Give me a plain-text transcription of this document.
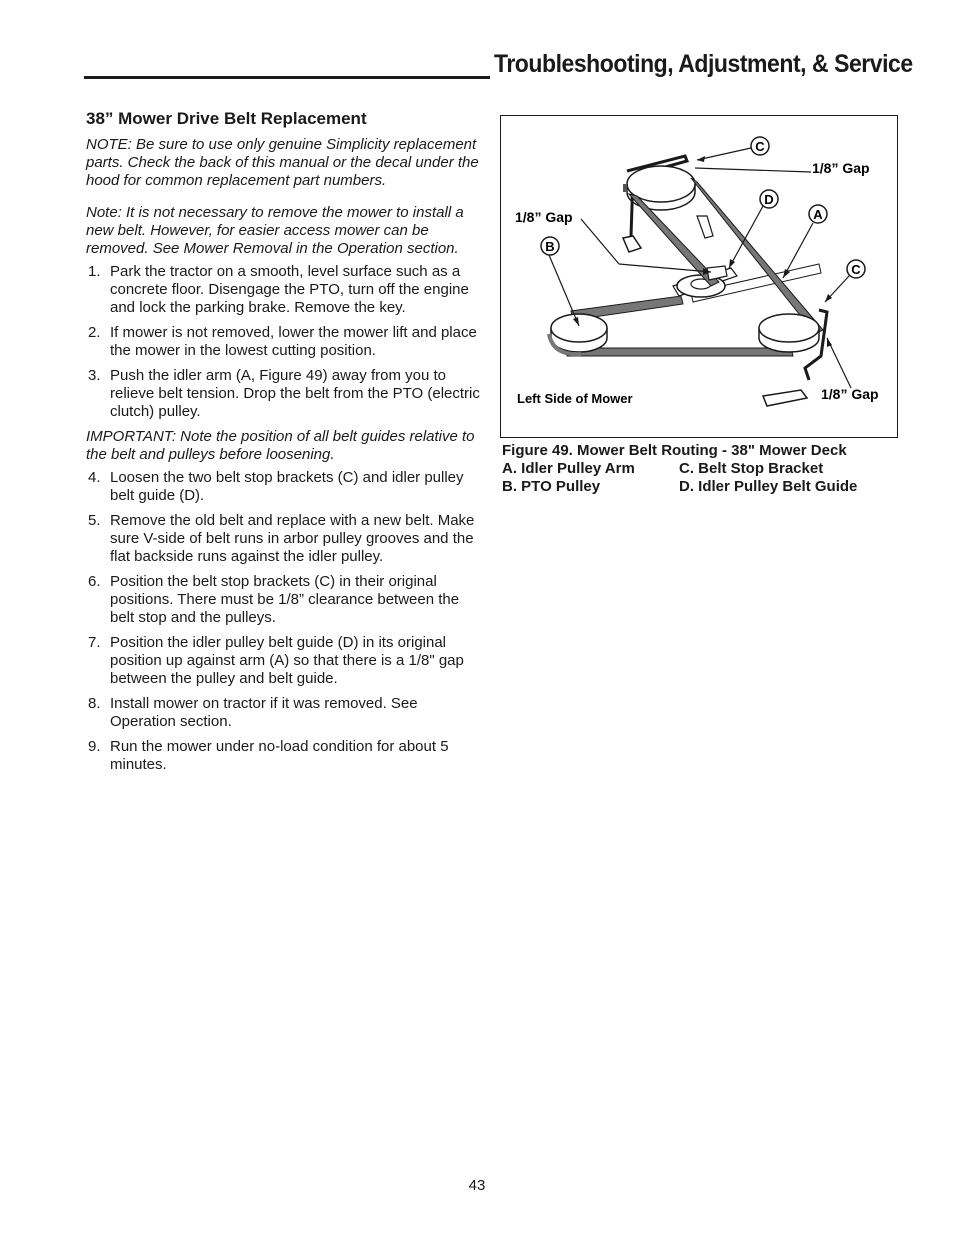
Troubleshooting, Adjustment, & Service
38” Mower Drive Belt Replacement

NOTE: Be sure to use only genuine Simplicity replacement parts. Check the back of this manual or the decal under the hood for common replacement part numbers.

Note: It is not necessary to remove the mower to install a new belt. However, for easier access mower can be removed. See Mower Removal in the Operation section.

1. Park the tractor on a smooth, level surface such as a concrete floor. Disengage the PTO, turn off the engine and lock the parking brake. Remove the key.
2. If mower is not removed, lower the mower lift and place the mower in the lowest cutting position.
3. Push the idler arm (A, Figure 49) away from you to relieve belt tension. Drop the belt from the PTO (electric clutch) pulley.

IMPORTANT: Note the position of all belt guides relative to the belt and pulleys before loosening.

4. Loosen the two belt stop brackets (C) and idler pulley belt guide (D).
5. Remove the old belt and replace with a new belt. Make sure V-side of belt runs in arbor pulley grooves and the flat backside runs against the idler pulley.
6. Position the belt stop brackets (C) in their original positions. There must be 1/8” clearance between the belt stop and the pulleys.
7. Position the idler pulley belt guide (D) in its original position up against arm (A) so that there is a 1/8" gap between the pulley and belt guide.
8. Install mower on tractor if it was removed. See Operation section.
9. Run the mower under no-load condition for about 5 minutes.
C
D
A
B
C
1/8” Gap
1/8” Gap
1/8” Gap
Left Side of Mower
Figure 49. Mower Belt Routing - 38" Mower Deck
A. Idler Pulley Arm	C. Belt Stop Bracket
B. PTO Pulley	D. Idler Pulley Belt Guide
43
